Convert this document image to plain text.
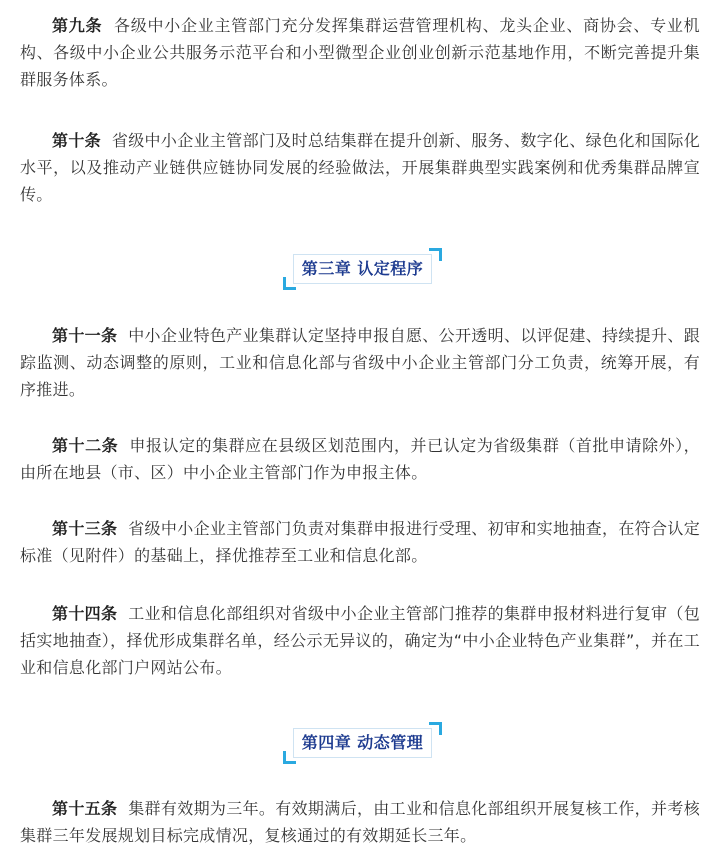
第九条 各级中小企业主管部门充分发挥集群运营管理机构、龙头企业、商协会、专业机构、各级中小企业公共服务示范平台和小型微型企业创业创新示范基地作用，不断完善提升集群服务体系。

第十条 省级中小企业主管部门及时总结集群在提升创新、服务、数字化、绿色化和国际化水平，以及推动产业链供应链协同发展的经验做法，开展集群典型实践案例和优秀集群品牌宣传。

第三章 认定程序

第十一条 中小企业特色产业集群认定坚持申报自愿、公开透明、以评促建、持续提升、跟踪监测、动态调整的原则，工业和信息化部与省级中小企业主管部门分工负责，统筹开展，有序推进。

第十二条 申报认定的集群应在县级区划范围内，并已认定为省级集群（首批申请除外），由所在地县（市、区）中小企业主管部门作为申报主体。

第十三条 省级中小企业主管部门负责对集群申报进行受理、初审和实地抽查，在符合认定标准（见附件）的基础上，择优推荐至工业和信息化部。

第十四条 工业和信息化部组织对省级中小企业主管部门推荐的集群申报材料进行复审（包括实地抽查），择优形成集群名单，经公示无异议的，确定为“中小企业特色产业集群”，并在工业和信息化部门户网站公布。

第四章 动态管理

第十五条 集群有效期为三年。有效期满后，由工业和信息化部组织开展复核工作，并考核集群三年发展规划目标完成情况，复核通过的有效期延长三年。
